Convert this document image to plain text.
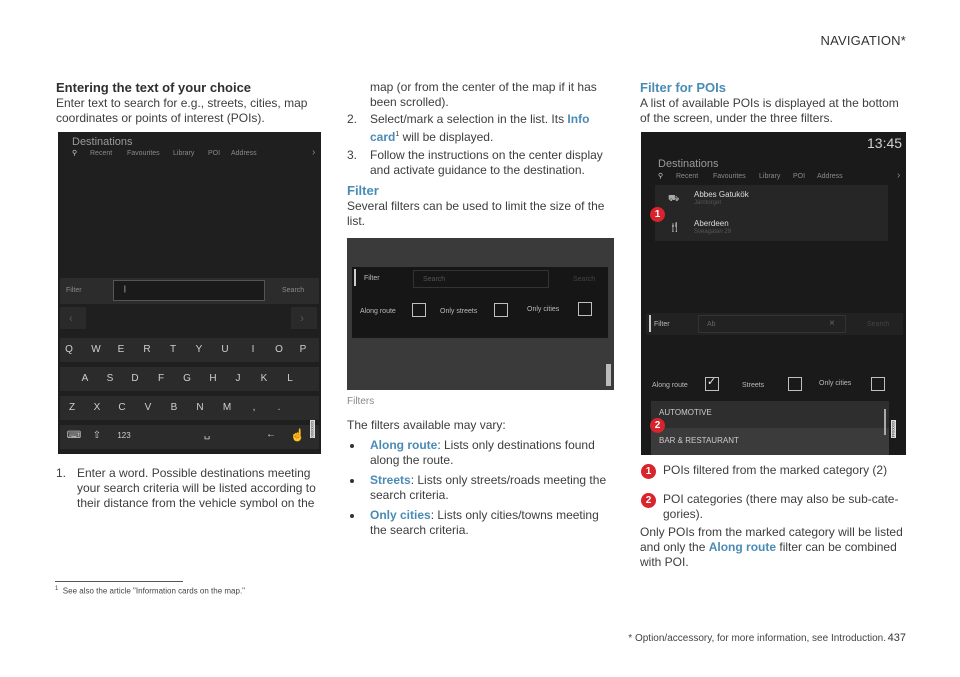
NAVIGATION*
Entering the text of your choice
Enter text to search for e.g., streets, cities, map coordinates or points of interest (POIs).
Destinations
⚲ Recent Favourites Library POI Address	›
Filter	|	Search
‹	›
Q	W	E	R	T	Y	U	I	O	P
A	S	D	F	G	H	J	K	L
Z	X	C	V	B	N	M	,	.
⌨ ⇧	123	␣	← ☝ G000000
1. Enter a word. Possible destinations meeting your search criteria will be listed according to their distance from the vehicle symbol on the
map (or from the center of the map if it has been scrolled).
2. Select/mark a selection in the list. Its Info
card$^1$ will be displayed.
3. Follow the instructions on the center display and activate guidance to the destination.
Filter
Several filters can be used to limit the size of the list.
Filter	Search	Search
Along route	Only streets	Only cities
Filters
The filters available may vary:
Along route: Lists only destinations found along the route.
Streets: Lists only streets/roads meeting the search criteria.
Only cities: Lists only cities/towns meeting the search criteria.
Filter for POIs
A list of available POIs is displayed at the bottom of the screen, under the three filters.
13:45
Destinations
⚲ Recent Favourites Library POI Address	›
⛟ Abbes Gatukök
Järntorget
🍴 Aberdeen
Sveagatan 29
Filter	Ab	×	Search
Along route ✓	Streets	Only cities
AUTOMOTIVE
BAR & RESTAURANT
G000044
1
2
1 POIs filtered from the marked category (2)
2 POI categories (there may also be sub-cate- gories).
Only POIs from the marked category will be listed and only the Along route filter can be combined with POI.
$^1$ See also the article "Information cards on the map."
* Option/accessory, for more information, see Introduction. 437
